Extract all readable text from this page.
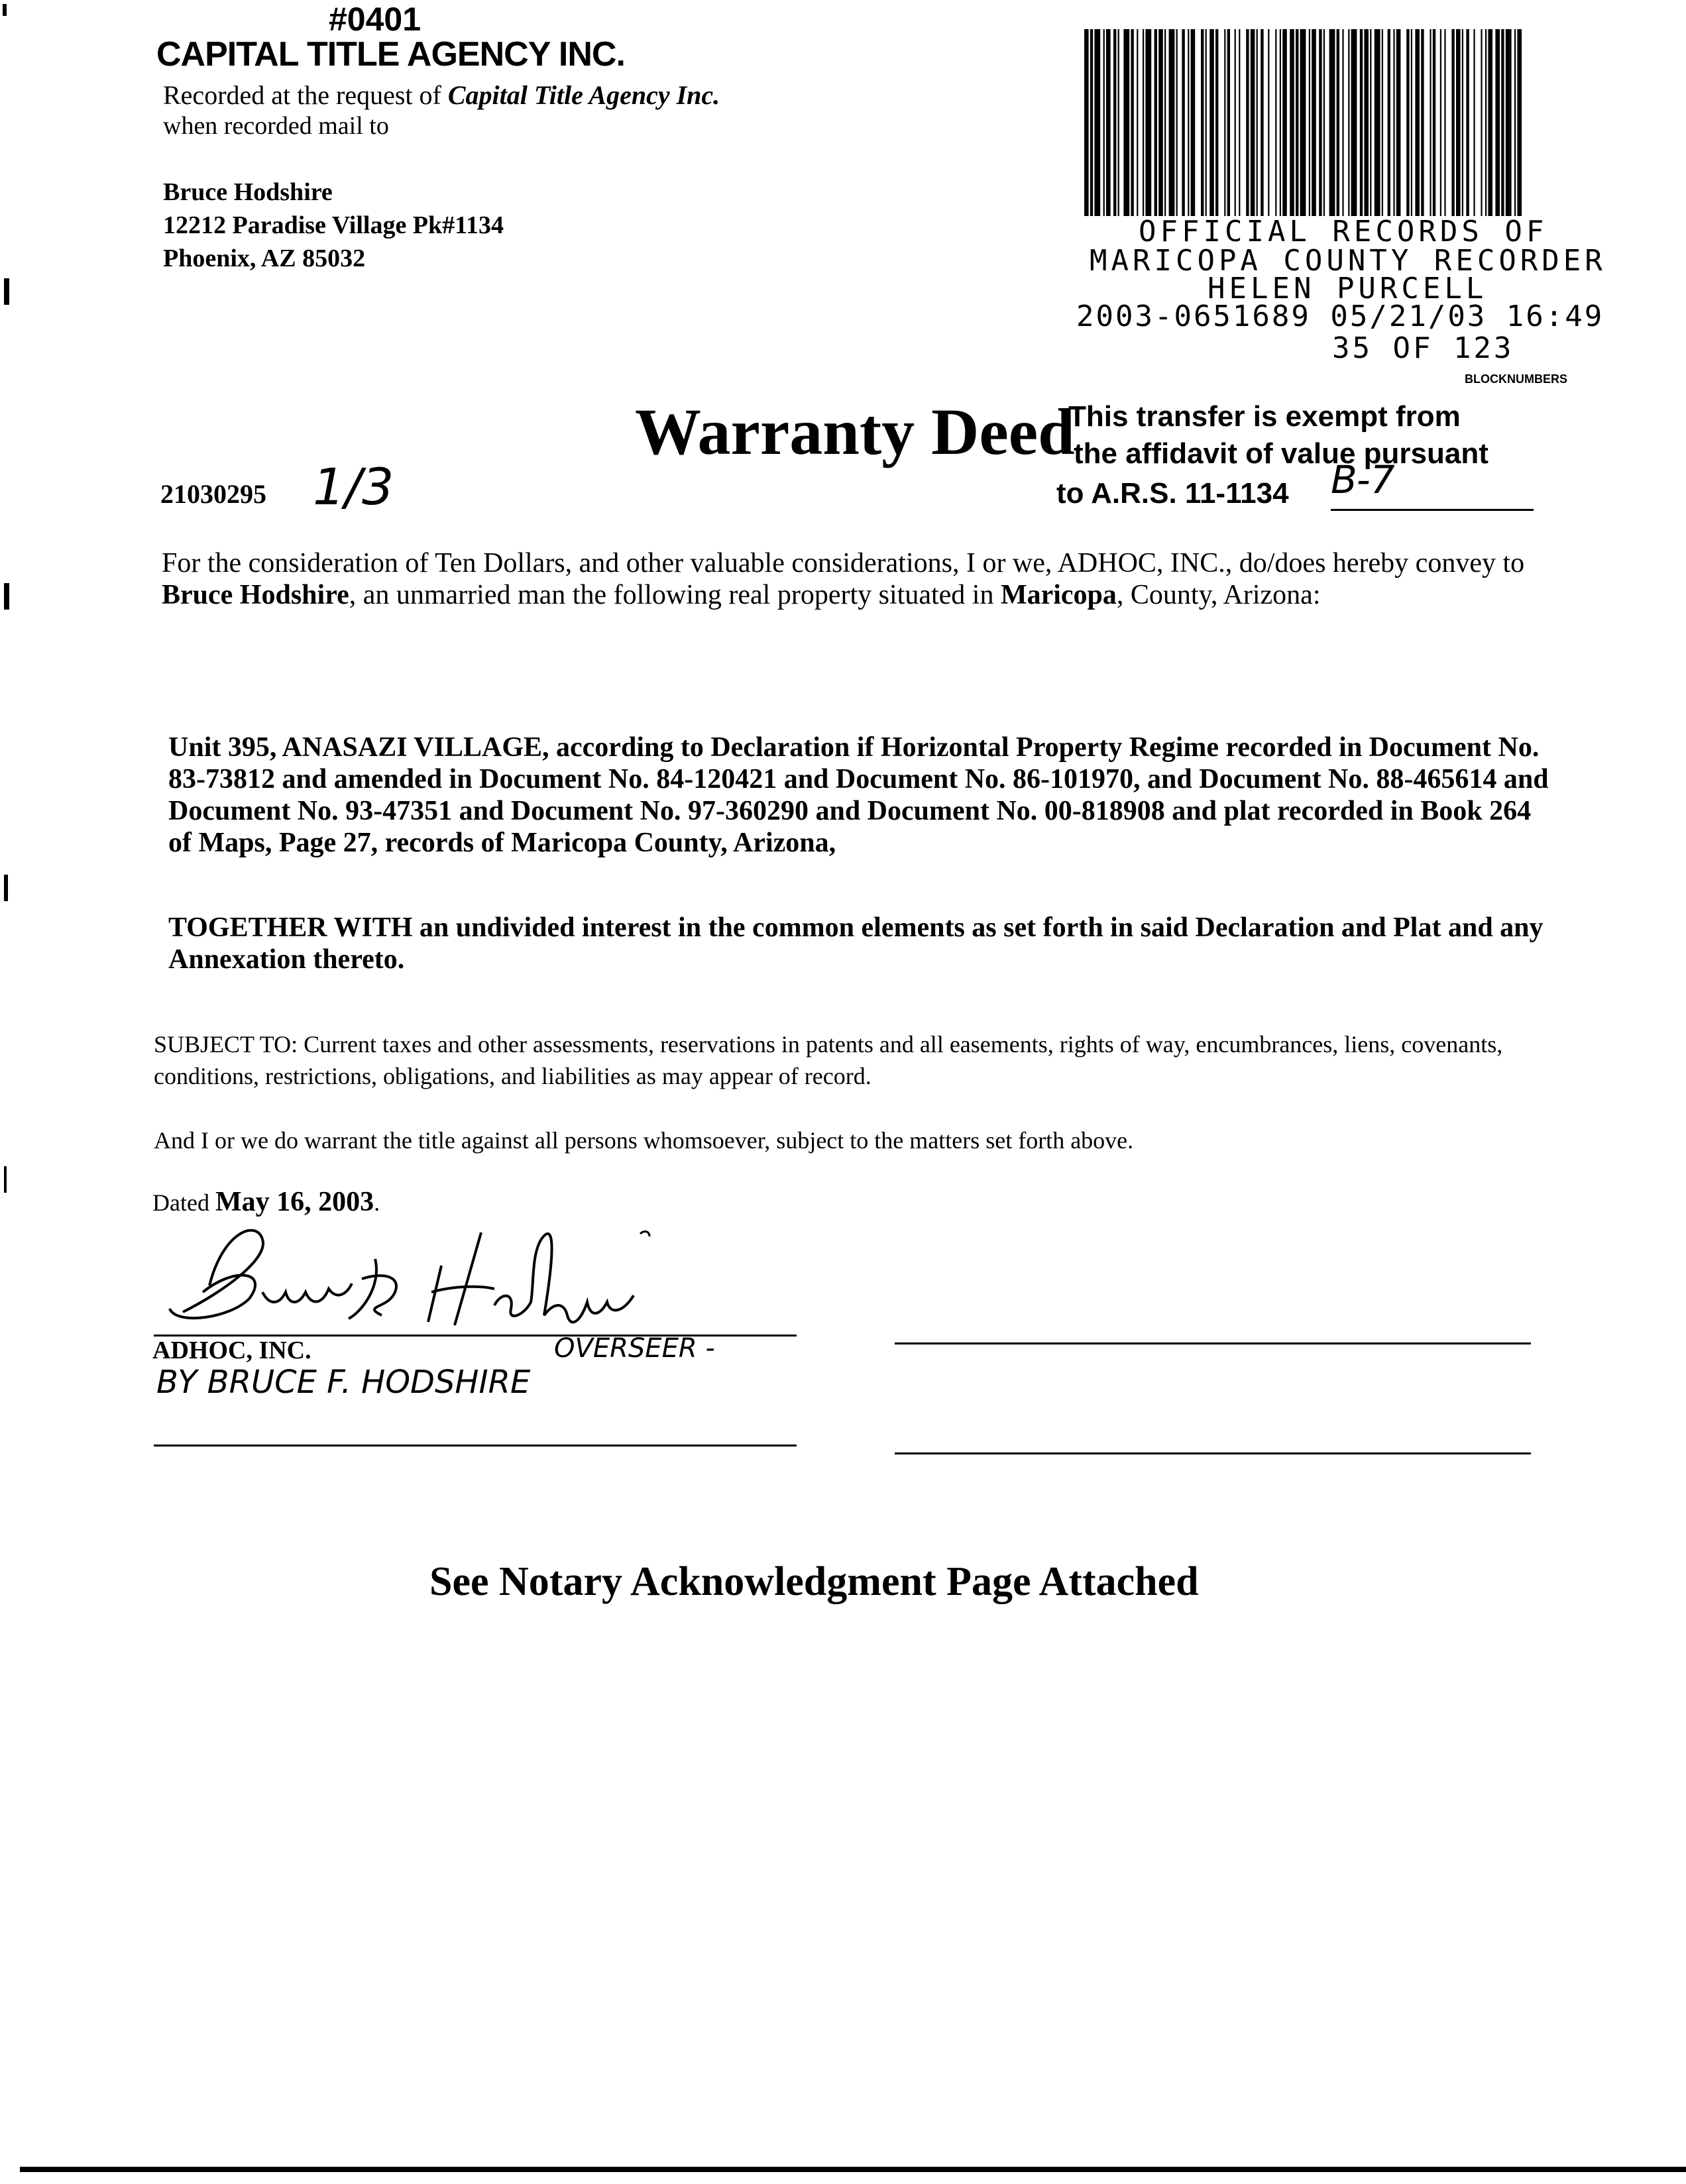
#0401
CAPITAL TITLE AGENCY INC.
Recorded at the request of Capital Title Agency Inc.
when recorded mail to
Bruce Hodshire
12212 Paradise Village Pk#1134
Phoenix, AZ 85032
OFFICIAL RECORDS OF
MARICOPA COUNTY RECORDER
HELEN PURCELL
2003-0651689 05/21/03 16:49
35 OF 123
BLOCKNUMBERS
Warranty Deed
This transfer is exempt from
the affidavit of value pursuant
to A.R.S. 11-1134 B-7
21030295 1/3
For the consideration of Ten Dollars, and other valuable considerations, I or we, ADHOC, INC., do/does hereby convey to Bruce Hodshire, an unmarried man the following real property situated in Maricopa, County, Arizona:
Unit 395, ANASAZI VILLAGE, according to Declaration if Horizontal Property Regime recorded in Document No. 83-73812 and amended in Document No. 84-120421 and Document No. 86-101970, and Document No. 88-465614 and Document No. 93-47351 and Document No. 97-360290 and Document No. 00-818908 and plat recorded in Book 264 of Maps, Page 27, records of Maricopa County, Arizona,
TOGETHER WITH an undivided interest in the common elements as set forth in said Declaration and Plat and any Annexation thereto.
SUBJECT TO: Current taxes and other assessments, reservations in patents and all easements, rights of way, encumbrances, liens, covenants, conditions, restrictions, obligations, and liabilities as may appear of record.
And I or we do warrant the title against all persons whomsoever, subject to the matters set forth above.
Dated May 16, 2003.
ADHOC, INC.	OVERSEER -
BY BRUCE F. HODSHIRE
See Notary Acknowledgment Page Attached
